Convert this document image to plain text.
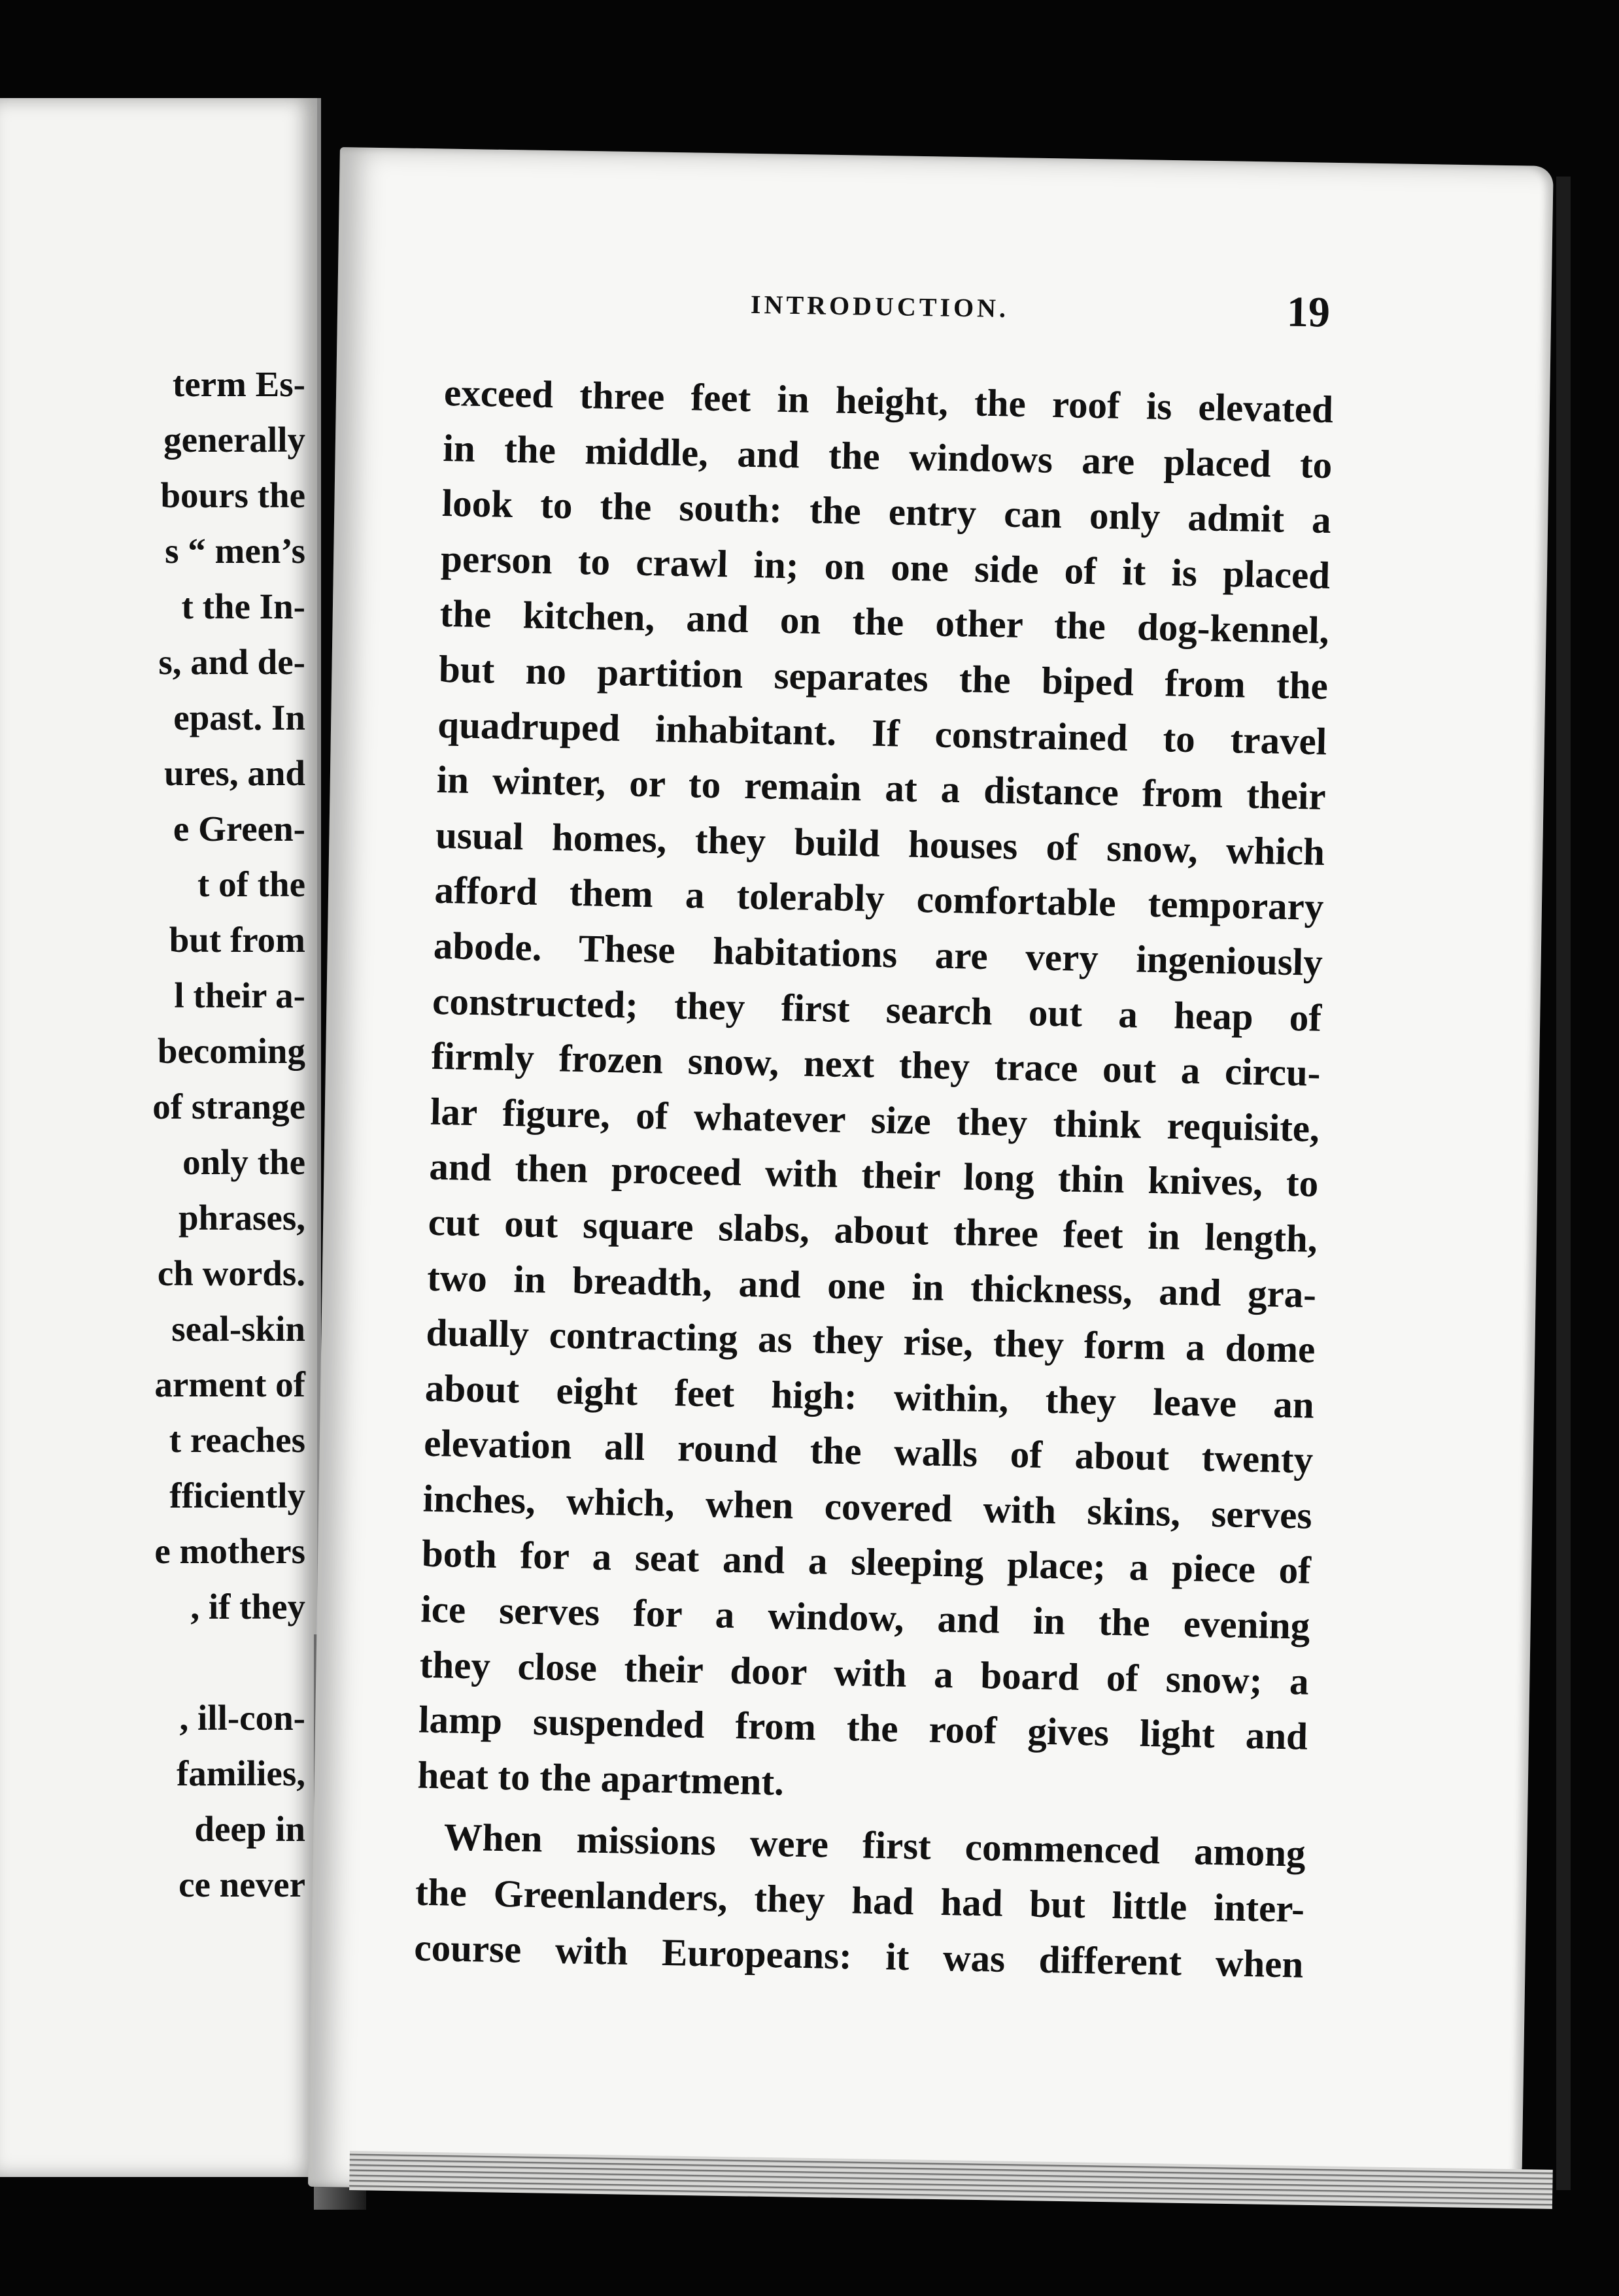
term Es-
generally
bours the
s “ men’s
t the In-
s, and de-
epast. In
ures, and
e Green-
t of the
but from
l their a-
becoming
of strange
only the
phrases,
ch words.
seal-skin
arment of
t reaches
fficiently
e mothers
, if they
, ill-con-
families,
deep in
ce never
INTRODUCTION.	19
exceed three feet in height, the roof is elevated
in the middle, and the windows are placed to
look to the south: the entry can only admit a
person to crawl in; on one side of it is placed
the kitchen, and on the other the dog-kennel,
but no partition separates the biped from the
quadruped inhabitant. If constrained to travel
in winter, or to remain at a distance from their
usual homes, they build houses of snow, which
afford them a tolerably comfortable temporary
abode. These habitations are very ingeniously
constructed; they first search out a heap of
firmly frozen snow, next they trace out a circu-
lar figure, of whatever size they think requisite,
and then proceed with their long thin knives, to
cut out square slabs, about three feet in length,
two in breadth, and one in thickness, and gra-
dually contracting as they rise, they form a dome
about eight feet high: within, they leave an
elevation all round the walls of about twenty
inches, which, when covered with skins, serves
both for a seat and a sleeping place; a piece of
ice serves for a window, and in the evening
they close their door with a board of snow; a
lamp suspended from the roof gives light and
heat to the apartment.
When missions were first commenced among
the Greenlanders, they had had but little inter-
course with Europeans: it was different when
